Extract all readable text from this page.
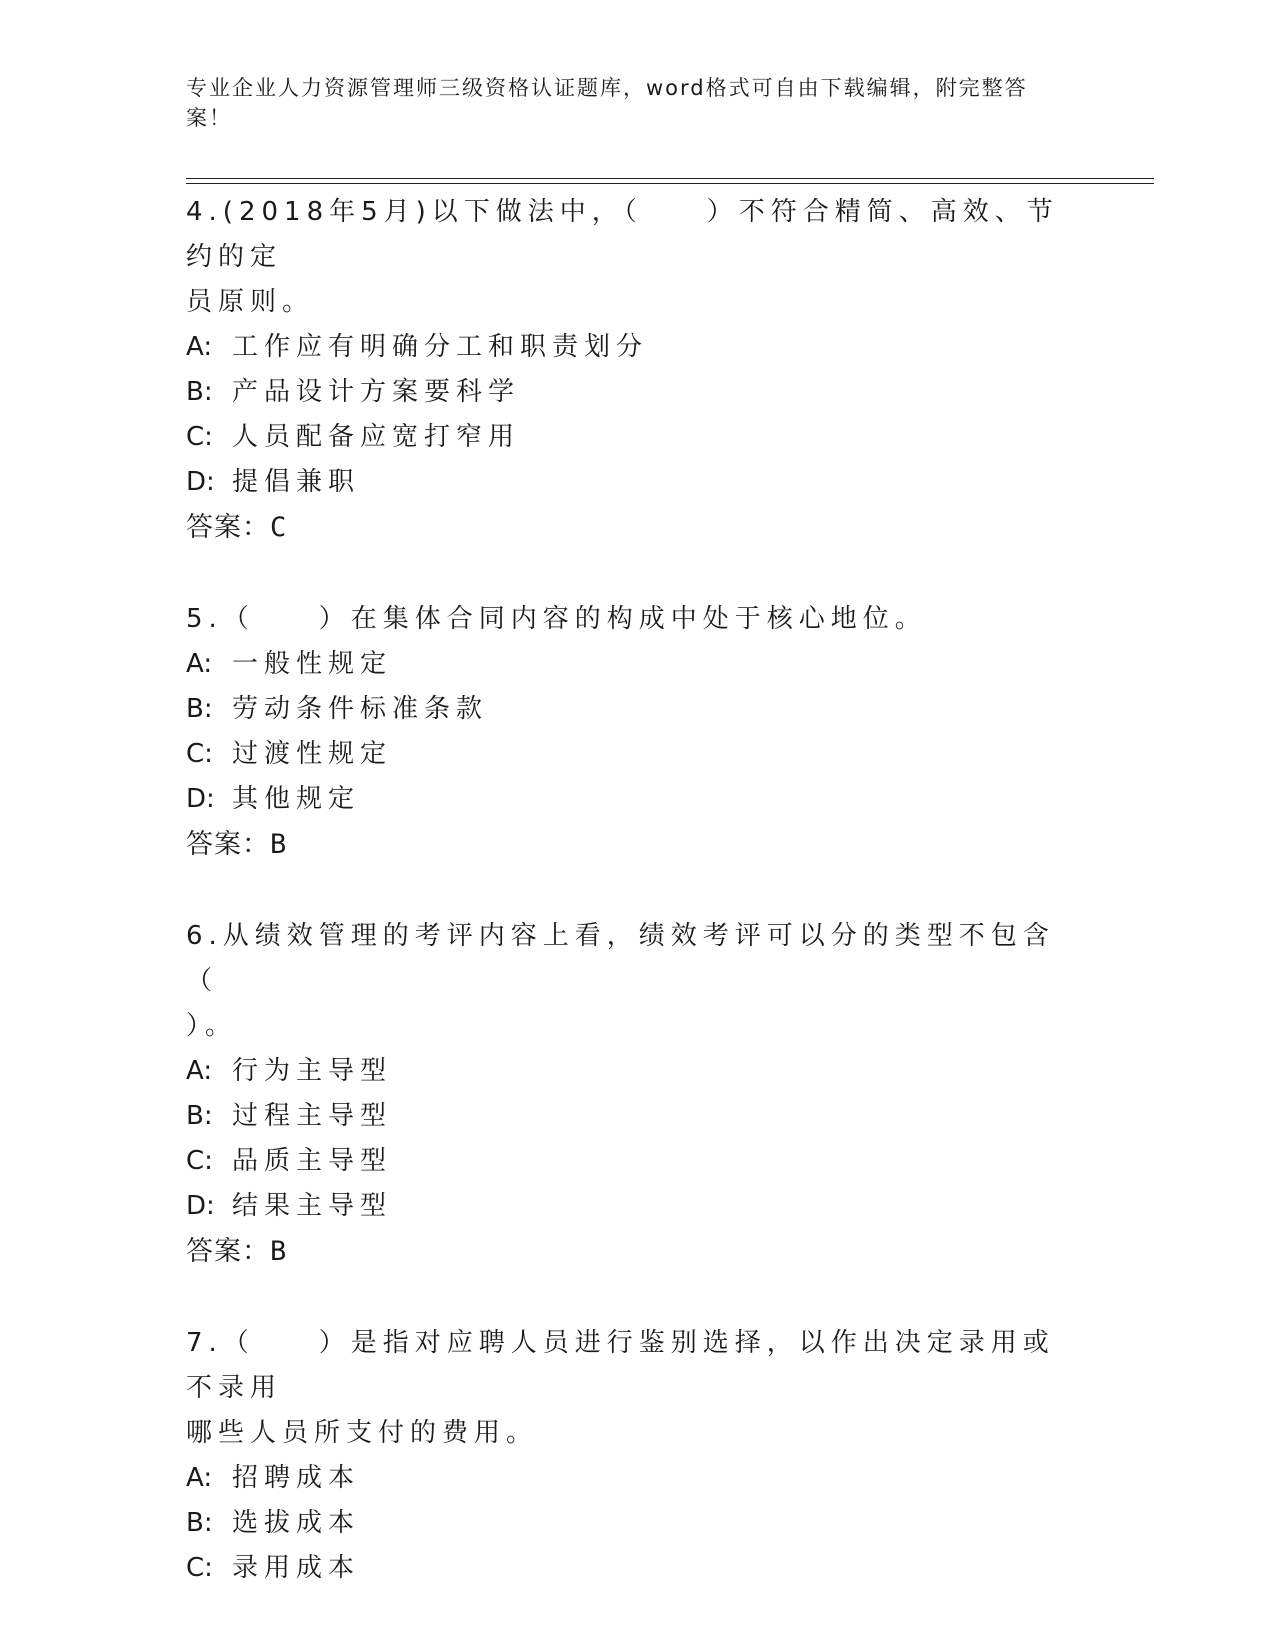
专业企业人力资源管理师三级资格认证题库，word格式可自由下载编辑，附完整答案！

4.(2018年5月)以下做法中，（　　）不符合精简、高效、节约的定

员原则。

A: 工作应有明确分工和职责划分

B: 产品设计方案要科学

C: 人员配备应宽打窄用

D: 提倡兼职

答案：C

5.（　　）在集体合同内容的构成中处于核心地位。

A: 一般性规定

B: 劳动条件标准条款

C: 过渡性规定

D: 其他规定

答案：B

6.从绩效管理的考评内容上看，绩效考评可以分的类型不包含（

）。

A: 行为主导型

B: 过程主导型

C: 品质主导型

D: 结果主导型

答案：B

7.（　　）是指对应聘人员进行鉴别选择，以作出决定录用或不录用

哪些人员所支付的费用。

A: 招聘成本

B: 选拔成本

C: 录用成本
